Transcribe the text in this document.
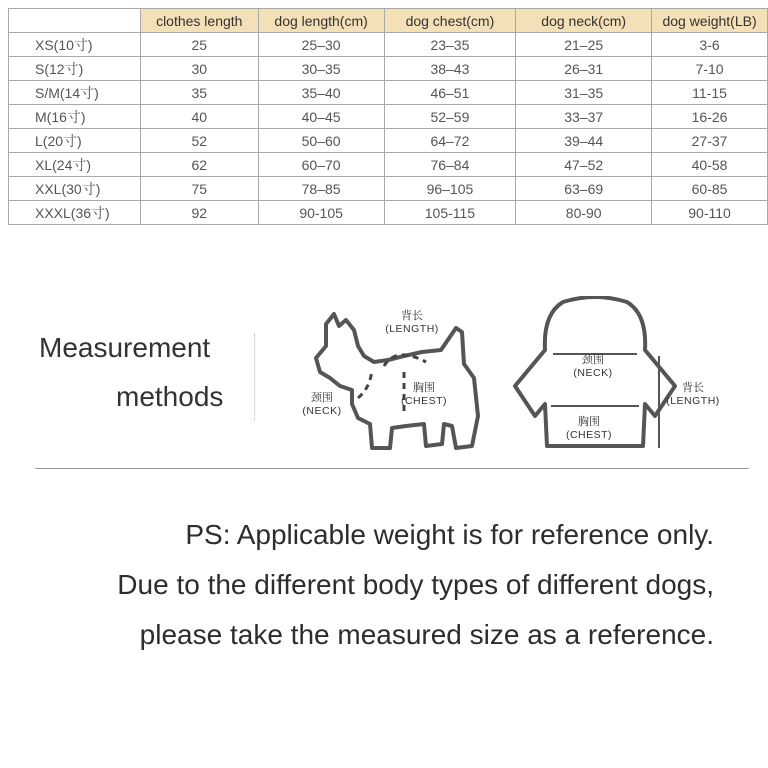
	clothes length	dog length(cm)	dog chest(cm)	dog neck(cm)	dog weight(LB)
XS(10寸)	25	25–30	23–35	21–25	3-6
S(12寸)	30	30–35	38–43	26–31	7-10
S/M(14寸)	35	35–40	46–51	31–35	11-15
M(16寸)	40	40–45	52–59	33–37	16-26
L(20寸)	52	50–60	64–72	39–44	27-37
XL(24寸)	62	60–70	76–84	47–52	40-58
XXL(30寸)	75	78–85	96–105	63–69	60-85
XXXL(36寸)	92	90-105	105-115	80-90	90-110
Measurement
methods
背长
(LENGTH)
胸围
(CHEST)
颈围
(NECK)
颈围
(NECK)
胸围
(CHEST)
背长
(LENGTH)
PS: Applicable weight is for reference only.
Due to the different body types of different dogs,
please take the measured size as a reference.
